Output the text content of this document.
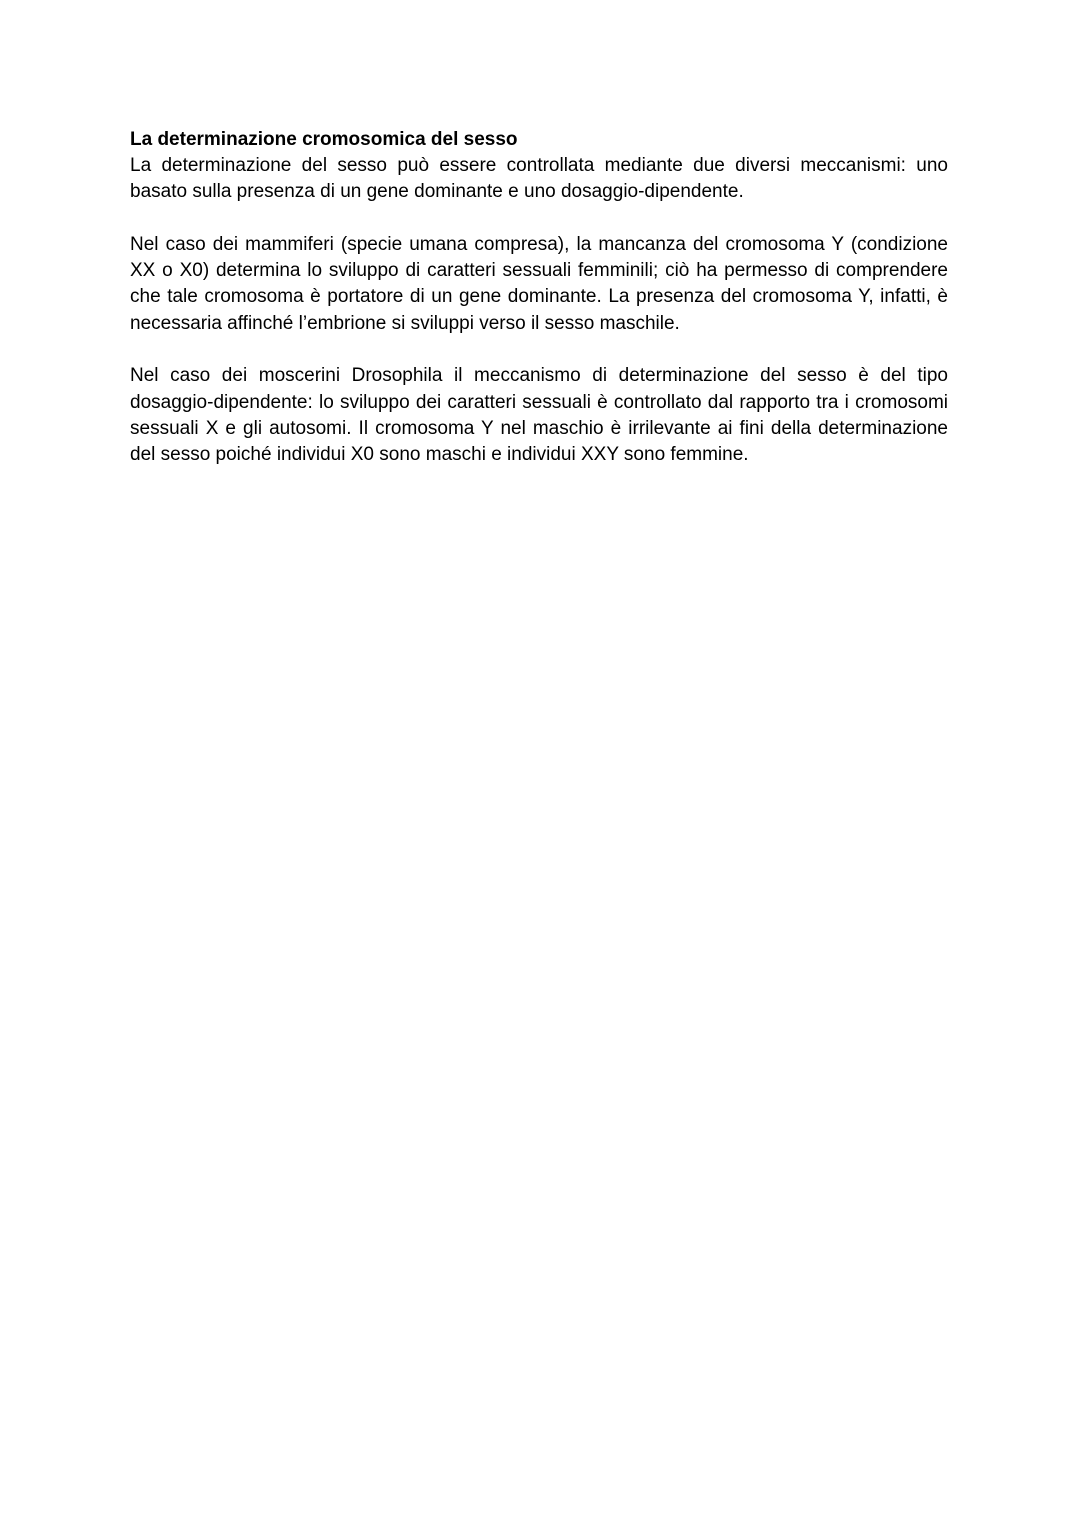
La determinazione cromosomica del sesso

La determinazione del sesso può essere controllata mediante due diversi meccanismi: uno basato sulla presenza di un gene dominante e uno dosaggio-dipendente.

Nel caso dei mammiferi (specie umana compresa), la mancanza del cromosoma Y (condizione XX o X0) determina lo sviluppo di caratteri sessuali femminili; ciò ha permesso di comprendere che tale cromosoma è portatore di un gene dominante. La presenza del cromosoma Y, infatti, è necessaria affinché l’embrione si sviluppi verso il sesso maschile.

Nel caso dei moscerini Drosophila il meccanismo di determinazione del sesso è del tipo dosaggio-dipendente: lo sviluppo dei caratteri sessuali è controllato dal rapporto tra i cromosomi sessuali X e gli autosomi. Il cromosoma Y nel maschio è irrilevante ai fini della determinazione del sesso poiché individui X0 sono maschi e individui XXY sono femmine.
